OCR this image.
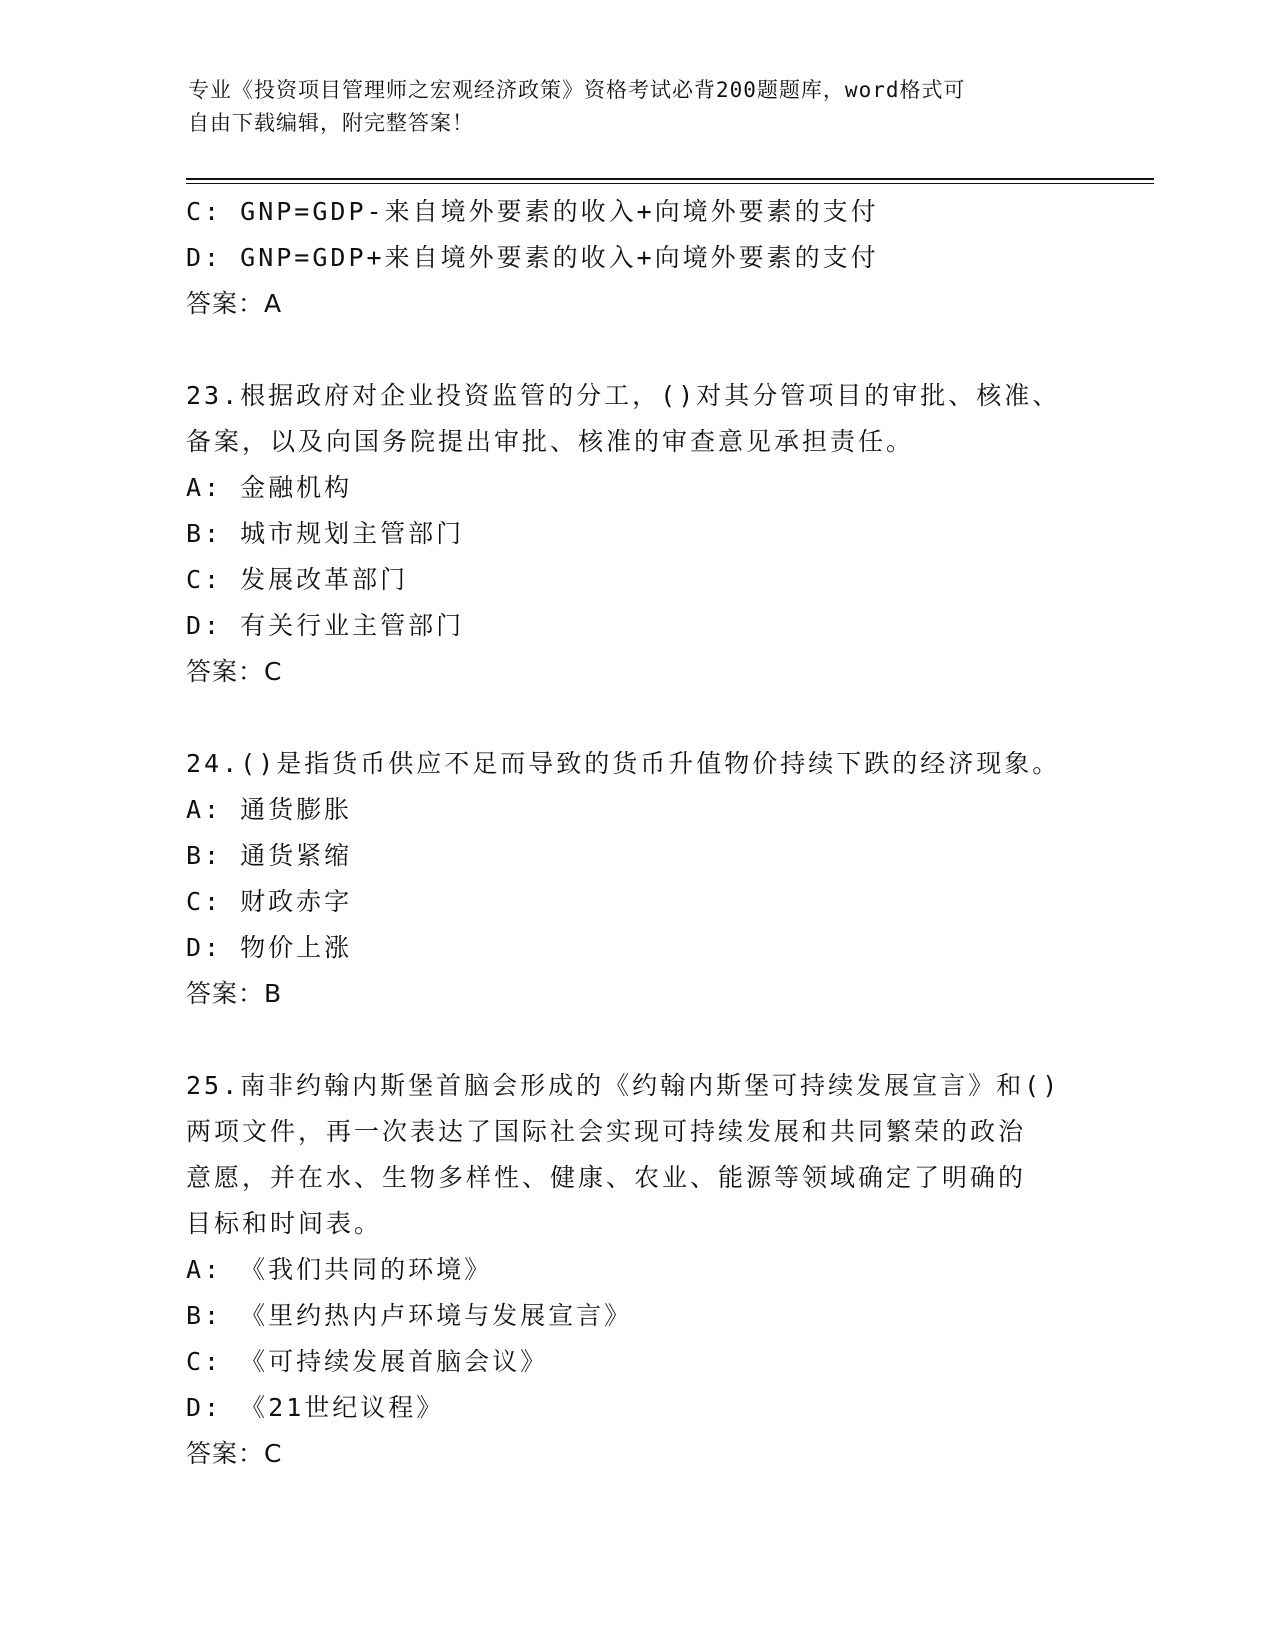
专业《投资项目管理师之宏观经济政策》资格考试必背200题题库，word格式可
自由下载编辑，附完整答案！
C: GNP=GDP-来自境外要素的收入+向境外要素的支付
D: GNP=GDP+来自境外要素的收入+向境外要素的支付
答案：A
23.根据政府对企业投资监管的分工，()对其分管项目的审批、核准、
备案，以及向国务院提出审批、核准的审查意见承担责任。
A: 金融机构
B: 城市规划主管部门
C: 发展改革部门
D: 有关行业主管部门
答案：C
24.()是指货币供应不足而导致的货币升值物价持续下跌的经济现象。
A: 通货膨胀
B: 通货紧缩
C: 财政赤字
D: 物价上涨
答案：B
25.南非约翰内斯堡首脑会形成的《约翰内斯堡可持续发展宣言》和()
两项文件，再一次表达了国际社会实现可持续发展和共同繁荣的政治
意愿，并在水、生物多样性、健康、农业、能源等领域确定了明确的
目标和时间表。
A: 《我们共同的环境》
B: 《里约热内卢环境与发展宣言》
C: 《可持续发展首脑会议》
D: 《21世纪议程》
答案：C
